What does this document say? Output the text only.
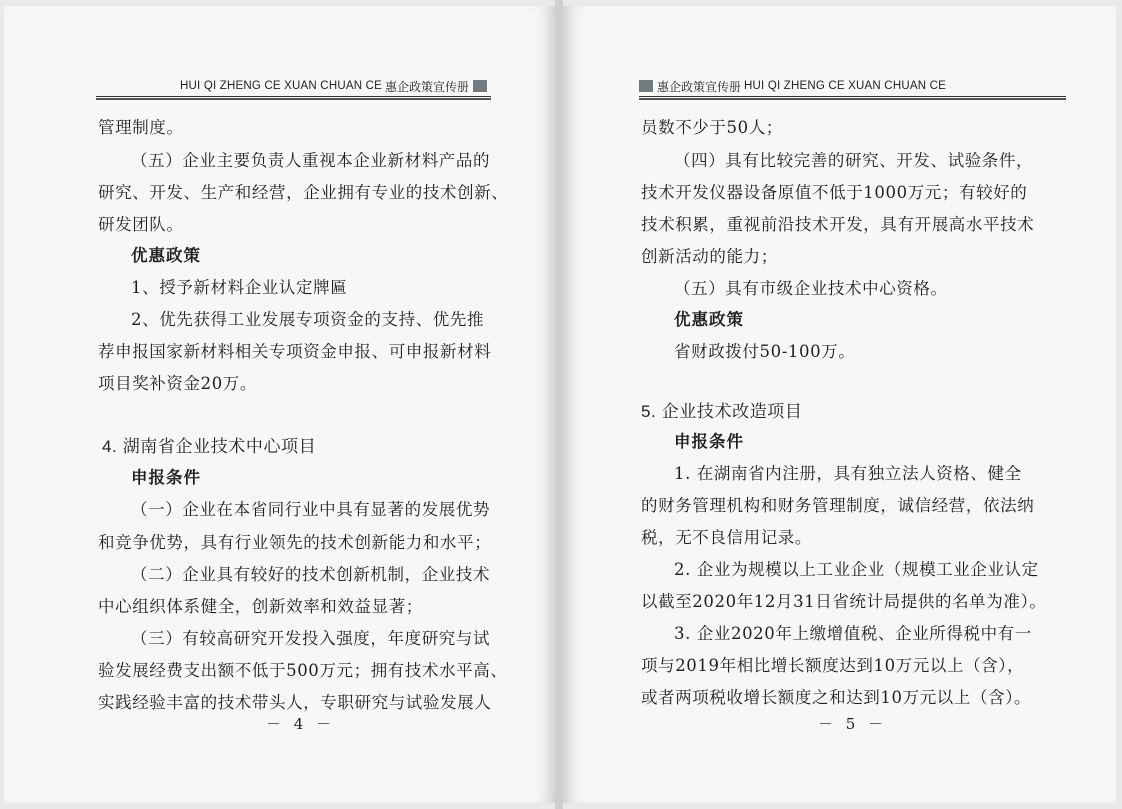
HUI QI ZHENG CE XUAN CHUAN CE 惠企政策宣传册
管理制度。
（五）企业主要负责人重视本企业新材料产品的
研究、开发、生产和经营，企业拥有专业的技术创新、
研发团队。
优惠政策
1、授予新材料企业认定牌匾
2、优先获得工业发展专项资金的支持、优先推
荐申报国家新材料相关专项资金申报、可申报新材料
项目奖补资金20万。
4. 湖南省企业技术中心项目
申报条件
（一）企业在本省同行业中具有显著的发展优势
和竞争优势，具有行业领先的技术创新能力和水平；
（二）企业具有较好的技术创新机制，企业技术
中心组织体系健全，创新效率和效益显著；
（三）有较高研究开发投入强度，年度研究与试
验发展经费支出额不低于500万元；拥有技术水平高、
实践经验丰富的技术带头人，专职研究与试验发展人
－ 4 －
惠企政策宣传册 HUI QI ZHENG CE XUAN CHUAN CE
员数不少于50人；
（四）具有比较完善的研究、开发、试验条件，
技术开发仪器设备原值不低于1000万元；有较好的
技术积累，重视前沿技术开发，具有开展高水平技术
创新活动的能力；
（五）具有市级企业技术中心资格。
优惠政策
省财政拨付50-100万。
5. 企业技术改造项目
申报条件
1. 在湖南省内注册，具有独立法人资格、健全
的财务管理机构和财务管理制度，诚信经营，依法纳
税，无不良信用记录。
2. 企业为规模以上工业企业（规模工业企业认定
以截至2020年12月31日省统计局提供的名单为准）。
3. 企业2020年上缴增值税、企业所得税中有一
项与2019年相比增长额度达到10万元以上（含），
或者两项税收增长额度之和达到10万元以上（含）。
－ 5 －
